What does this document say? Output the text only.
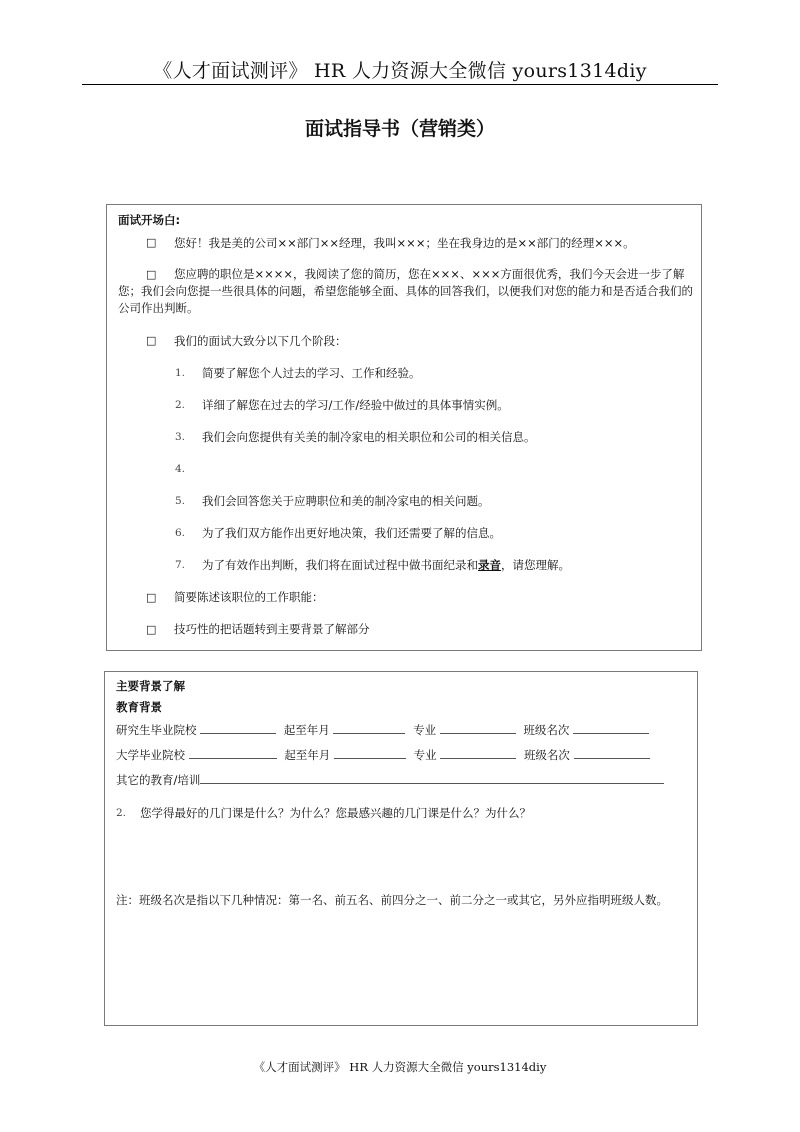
《人才面试测评》 HR 人力资源大全微信 yours1314diy
面试指导书（营销类）
面试开场白:
□ 您好！我是美的公司××部门××经理，我叫×××；坐在我身边的是××部门的经理×××。
□	您应聘的职位是××××，我阅读了您的简历，您在×××、×××方面很优秀，我们今天会进一步了解您；我们会向您提一些很具体的问题，希望您能够全面、具体的回答我们，以便我们对您的能力和是否适合我们的公司作出判断。
□ 我们的面试大致分以下几个阶段：
1. 简要了解您个人过去的学习、工作和经验。
2. 详细了解您在过去的学习/工作/经验中做过的具体事情实例。
3. 我们会向您提供有关美的制冷家电的相关职位和公司的相关信息。
4.
5. 我们会回答您关于应聘职位和美的制冷家电的相关问题。
6. 为了我们双方能作出更好地决策，我们还需要了解的信息。
7. 为了有效作出判断，我们将在面试过程中做书面纪录和录音，请您理解。
□ 简要陈述该职位的工作职能：
□ 技巧性的把话题转到主要背景了解部分
主要背景了解
教育背景
研究生毕业院校	起至年月	专业	班级名次
大学毕业院校	起至年月	专业	班级名次
其它的教育/培训
2. 您学得最好的几门课是什么？为什么？您最感兴趣的几门课是什么？为什么？
注：班级名次是指以下几种情况：第一名、前五名、前四分之一、前二分之一或其它，另外应指明班级人数。
《人才面试测评》 HR 人力资源大全微信 yours1314diy
